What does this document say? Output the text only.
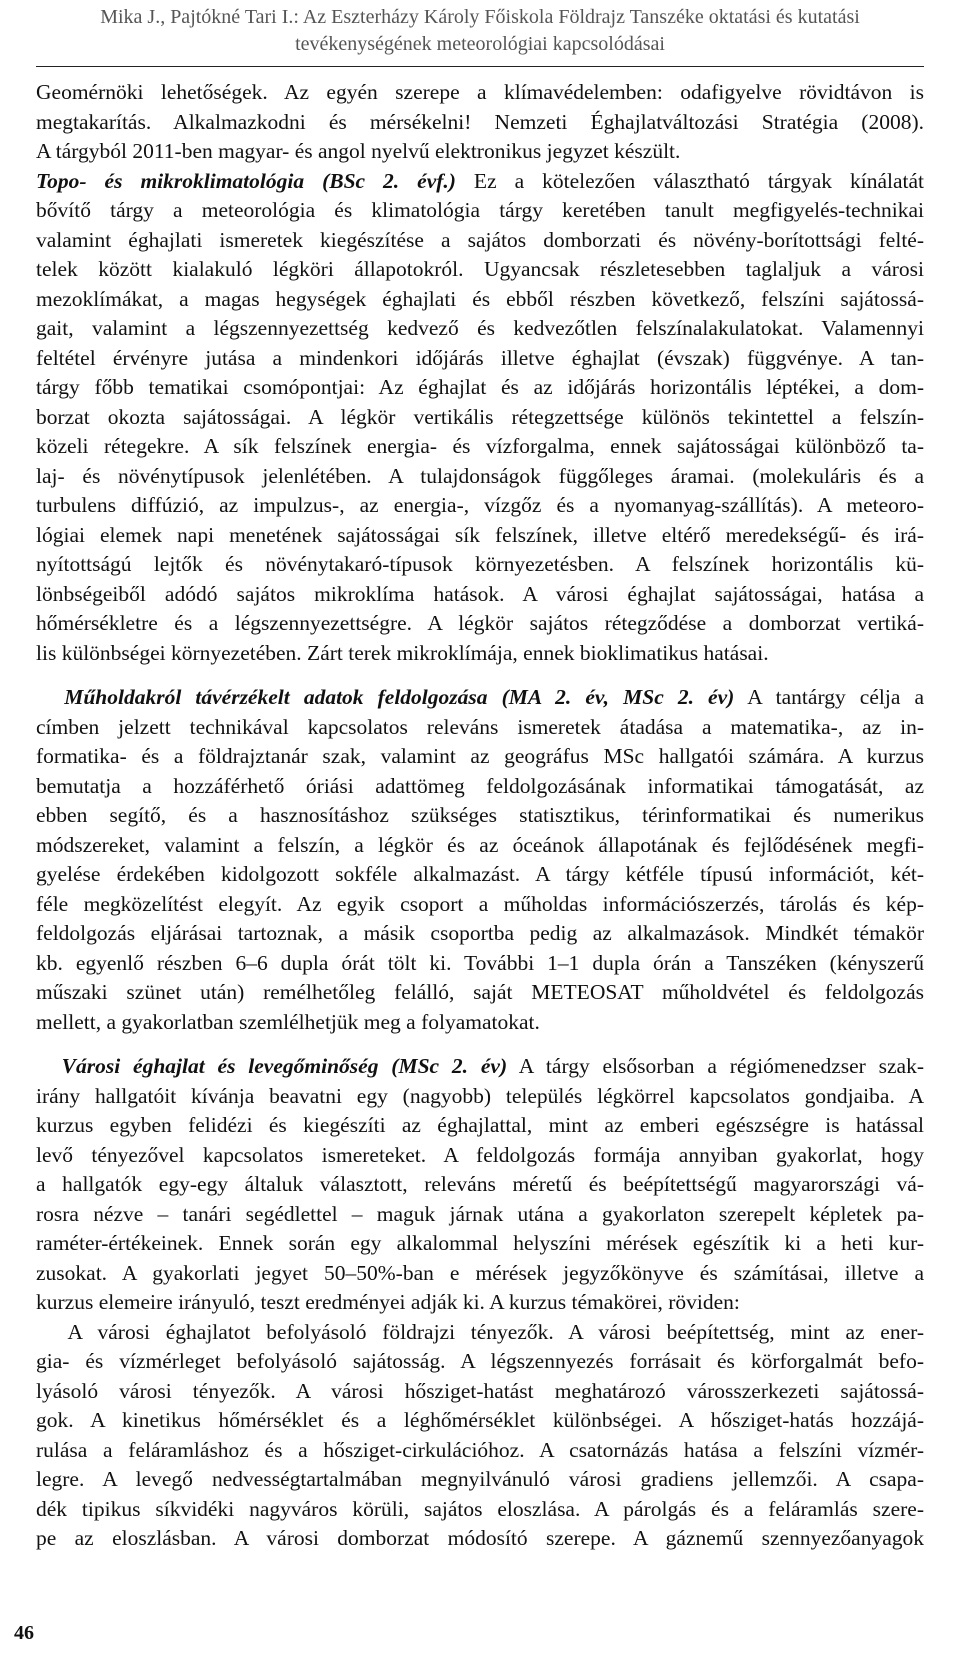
Mika J., Pajtókné Tari I.: Az Eszterházy Károly Főiskola Földrajz Tanszéke oktatási és kutatási
tevékenységének meteorológiai kapcsolódásai

Geomérnöki lehetőségek. Az egyén szerepe a klímavédelemben: odafigyelve rövidtávon is

megtakarítás. Alkalmazkodni és mérsékelni! Nemzeti Éghajlatváltozási Stratégia (2008).

A tárgyból 2011-ben magyar- és angol nyelvű elektronikus jegyzet készült.

Topo- és mikroklimatológia (BSc 2. évf.) Ez a kötelezően választható tárgyak kínálatát

bővítő tárgy a meteorológia és klimatológia tárgy keretében tanult megfigyelés-technikai

valamint éghajlati ismeretek kiegészítése a sajátos domborzati és növény-borítottsági felté-

telek között kialakuló légköri állapotokról. Ugyancsak részletesebben taglaljuk a városi

mezoklímákat, a magas hegységek éghajlati és ebből részben következő, felszíni sajátossá-

gait, valamint a légszennyezettség kedvező és kedvezőtlen felszínalakulatokat. Valamennyi

feltétel érvényre jutása a mindenkori időjárás illetve éghajlat (évszak) függvénye. A tan-

tárgy főbb tematikai csomópontjai: Az éghajlat és az időjárás horizontális léptékei, a dom-

borzat okozta sajátosságai. A légkör vertikális rétegzettsége különös tekintettel a felszín-

közeli rétegekre. A sík felszínek energia- és vízforgalma, ennek sajátosságai különböző ta-

laj- és növénytípusok jelenlétében. A tulajdonságok függőleges áramai. (molekuláris és a

turbulens diffúzió, az impulzus-, az energia-, vízgőz és a nyomanyag-szállítás). A meteoro-

lógiai elemek napi menetének sajátosságai sík felszínek, illetve eltérő meredekségű- és irá-

nyítottságú lejtők és növénytakaró-típusok környezetésben. A felszínek horizontális kü-

lönbségeiből adódó sajátos mikroklíma hatások. A városi éghajlat sajátosságai, hatása a

hőmérsékletre és a légszennyezettségre. A légkör sajátos rétegződése a domborzat vertiká-

lis különbségei környezetében. Zárt terek mikroklímája, ennek bioklimatikus hatásai.

Műholdakról távérzékelt adatok feldolgozása (MA 2. év, MSc 2. év) A tantárgy célja a

címben jelzett technikával kapcsolatos releváns ismeretek átadása a matematika-, az in-

formatika- és a földrajztanár szak, valamint az geográfus MSc hallgatói számára. A kurzus

bemutatja a hozzáférhető óriási adattömeg feldolgozásának informatikai támogatását, az

ebben segítő, és a hasznosításhoz szükséges statisztikus, térinformatikai és numerikus

módszereket, valamint a felszín, a légkör és az óceánok állapotának és fejlődésének megfi-

gyelése érdekében kidolgozott sokféle alkalmazást. A tárgy kétféle típusú információt, két-

féle megközelítést elegyít. Az egyik csoport a műholdas információszerzés, tárolás és kép-

feldolgozás eljárásai tartoznak, a másik csoportba pedig az alkalmazások. Mindkét témakör

kb. egyenlő részben 6–6 dupla órát tölt ki. További 1–1 dupla órán a Tanszéken (kényszerű

műszaki szünet után) remélhetőleg felálló, saját METEOSAT műholdvétel és feldolgozás

mellett, a gyakorlatban szemlélhetjük meg a folyamatokat.

Városi éghajlat és levegőminőség (MSc 2. év) A tárgy elsősorban a régiómenedzser szak-

irány hallgatóit kívánja beavatni egy (nagyobb) település légkörrel kapcsolatos gondjaiba. A

kurzus egyben felidézi és kiegészíti az éghajlattal, mint az emberi egészségre is hatással

levő tényezővel kapcsolatos ismereteket. A feldolgozás formája annyiban gyakorlat, hogy

a hallgatók egy-egy általuk választott, releváns méretű és beépítettségű magyarországi vá-

rosra nézve – tanári segédlettel – maguk járnak utána a gyakorlaton szerepelt képletek pa-

raméter-értékeinek. Ennek során egy alkalommal helyszíni mérések egészítik ki a heti kur-

zusokat. A gyakorlati jegyet 50–50%-ban e mérések jegyzőkönyve és számításai, illetve a

kurzus elemeire irányuló, teszt eredményei adják ki. A kurzus témakörei, röviden:

A városi éghajlatot befolyásoló földrajzi tényezők. A városi beépítettség, mint az ener-

gia- és vízmérleget befolyásoló sajátosság. A légszennyezés forrásait és körforgalmát befo-

lyásoló városi tényezők. A városi hősziget-hatást meghatározó városszerkezeti sajátossá-

gok. A kinetikus hőmérséklet és a léghőmérséklet különbségei. A hősziget-hatás hozzájá-

rulása a feláramláshoz és a hősziget-cirkulációhoz. A csatornázás hatása a felszíni vízmér-

legre. A levegő nedvességtartalmában megnyilvánuló városi gradiens jellemzői. A csapa-

dék tipikus síkvidéki nagyváros körüli, sajátos eloszlása. A párolgás és a feláramlás szere-

pe az eloszlásban. A városi domborzat módosító szerepe. A gáznemű szennyezőanyagok

46
